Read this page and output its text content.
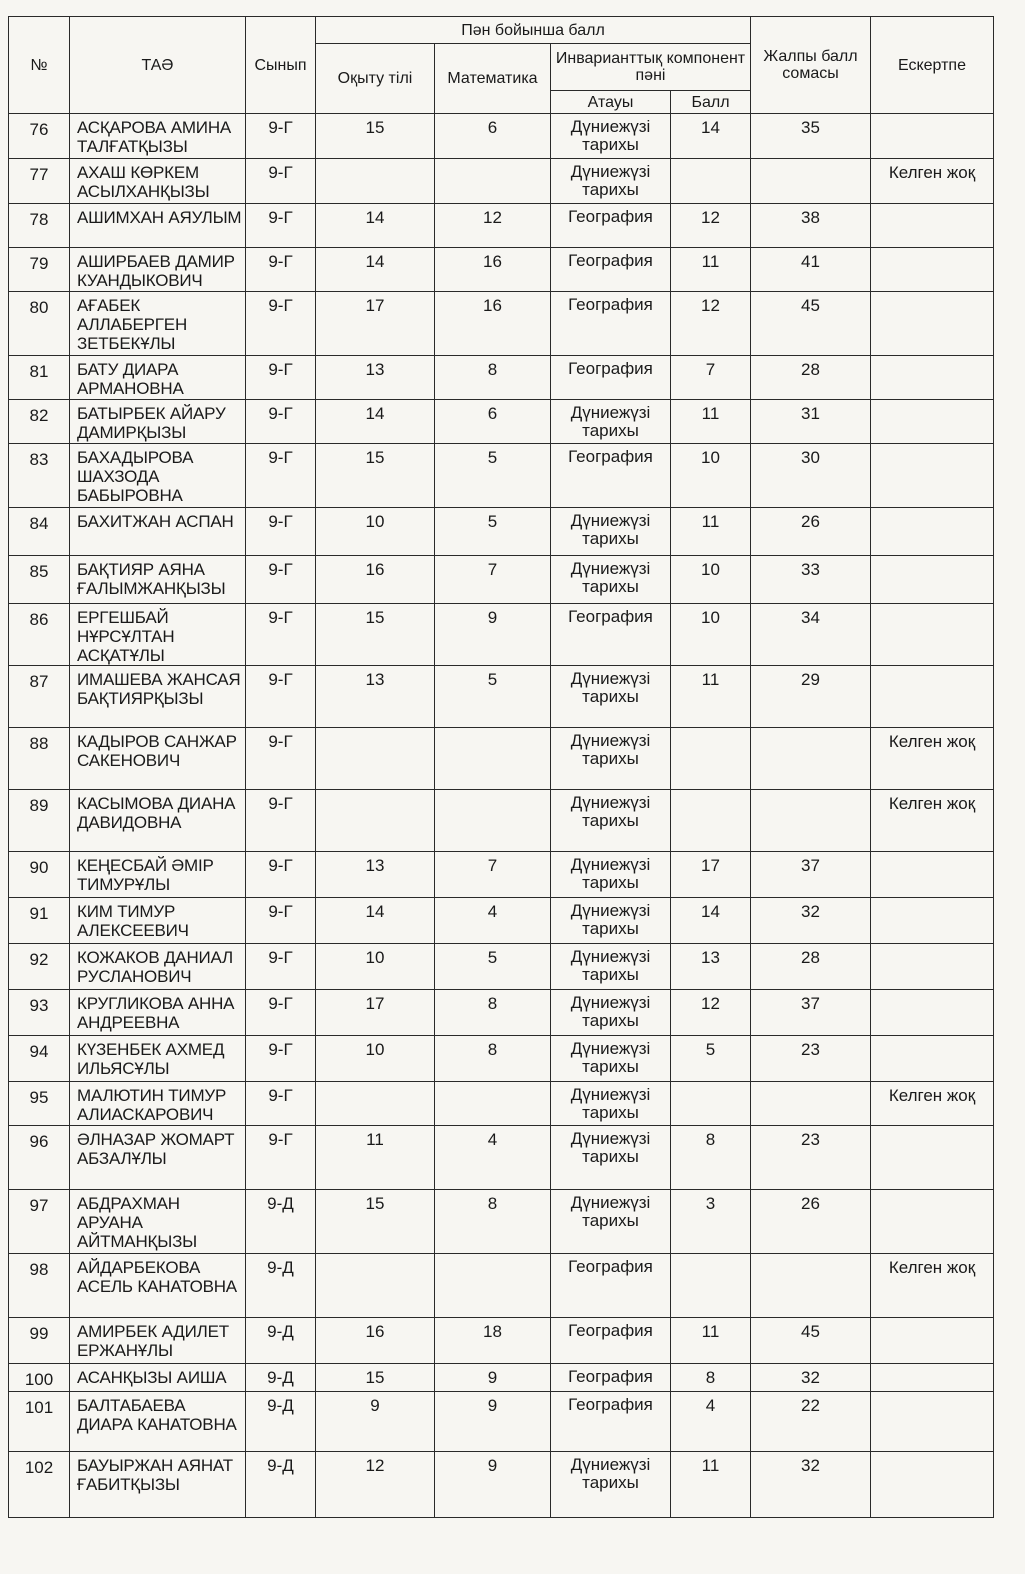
№	ТАӘ	Сынып	Пән бойынша балл				Жалпы балл сомасы	Ескертпе
			Оқыту тілі	Математика	Инварианттық компонент пәні			
					Атауы	Балл		
76	АСҚАРОВА АМИНА ТАЛҒАТҚЫЗЫ	9-Г	15	6	Дүниежүзі тарихы	14	35	
77	АХАШ КӨРКЕМ АСЫЛХАНҚЫЗЫ	9-Г			Дүниежүзі тарихы			Келген жоқ
78	АШИМХАН АЯУЛЫМ	9-Г	14	12	География	12	38	
79	АШИРБАЕВ ДАМИР КУАНДЫКОВИЧ	9-Г	14	16	География	11	41	
80	АҒАБЕК АЛЛАБЕРГЕН ЗЕТБЕКҰЛЫ	9-Г	17	16	География	12	45	
81	БАТУ ДИАРА АРМАНОВНА	9-Г	13	8	География	7	28	
82	БАТЫРБЕК АЙАРУ ДАМИРҚЫЗЫ	9-Г	14	6	Дүниежүзі тарихы	11	31	
83	БАХАДЫРОВА ШАХЗОДА БАБЫРОВНА	9-Г	15	5	География	10	30	
84	БАХИТЖАН АСПАН	9-Г	10	5	Дүниежүзі тарихы	11	26	
85	БАҚТИЯР АЯНА ҒАЛЫМЖАНҚЫЗЫ	9-Г	16	7	Дүниежүзі тарихы	10	33	
86	ЕРГЕШБАЙ НҰРСҰЛТАН АСҚАТҰЛЫ	9-Г	15	9	География	10	34	
87	ИМАШЕВА ЖАНСАЯ БАҚТИЯРҚЫЗЫ	9-Г	13	5	Дүниежүзі тарихы	11	29	
88	КАДЫРОВ САНЖАР САКЕНОВИЧ	9-Г			Дүниежүзі тарихы			Келген жоқ
89	КАСЫМОВА ДИАНА ДАВИДОВНА	9-Г			Дүниежүзі тарихы			Келген жоқ
90	КЕҢЕСБАЙ ӘМІР ТИМУРҰЛЫ	9-Г	13	7	Дүниежүзі тарихы	17	37	
91	КИМ ТИМУР АЛЕКСЕЕВИЧ	9-Г	14	4	Дүниежүзі тарихы	14	32	
92	КОЖАКОВ ДАНИАЛ РУСЛАНОВИЧ	9-Г	10	5	Дүниежүзі тарихы	13	28	
93	КРУГЛИКОВА АННА АНДРЕЕВНА	9-Г	17	8	Дүниежүзі тарихы	12	37	
94	КҮЗЕНБЕК АХМЕД ИЛЬЯСҰЛЫ	9-Г	10	8	Дүниежүзі тарихы	5	23	
95	МАЛЮТИН ТИМУР АЛИАСКАРОВИЧ	9-Г			Дүниежүзі тарихы			Келген жоқ
96	ӘЛНАЗАР ЖОМАРТ АБЗАЛҰЛЫ	9-Г	11	4	Дүниежүзі тарихы	8	23	
97	АБДРАХМАН АРУАНА АЙТМАНҚЫЗЫ	9-Д	15	8	Дүниежүзі тарихы	3	26	
98	АЙДАРБЕКОВА АСЕЛЬ КАНАТОВНА	9-Д			География			Келген жоқ
99	АМИРБЕК АДИЛЕТ ЕРЖАНҰЛЫ	9-Д	16	18	География	11	45	
100	АСАНҚЫЗЫ АИША	9-Д	15	9	География	8	32	
101	БАЛТАБАЕВА ДИАРА КАНАТОВНА	9-Д	9	9	География	4	22	
102	БАУЫРЖАН АЯНАТ ҒАБИТҚЫЗЫ	9-Д	12	9	Дүниежүзі тарихы	11	32	
